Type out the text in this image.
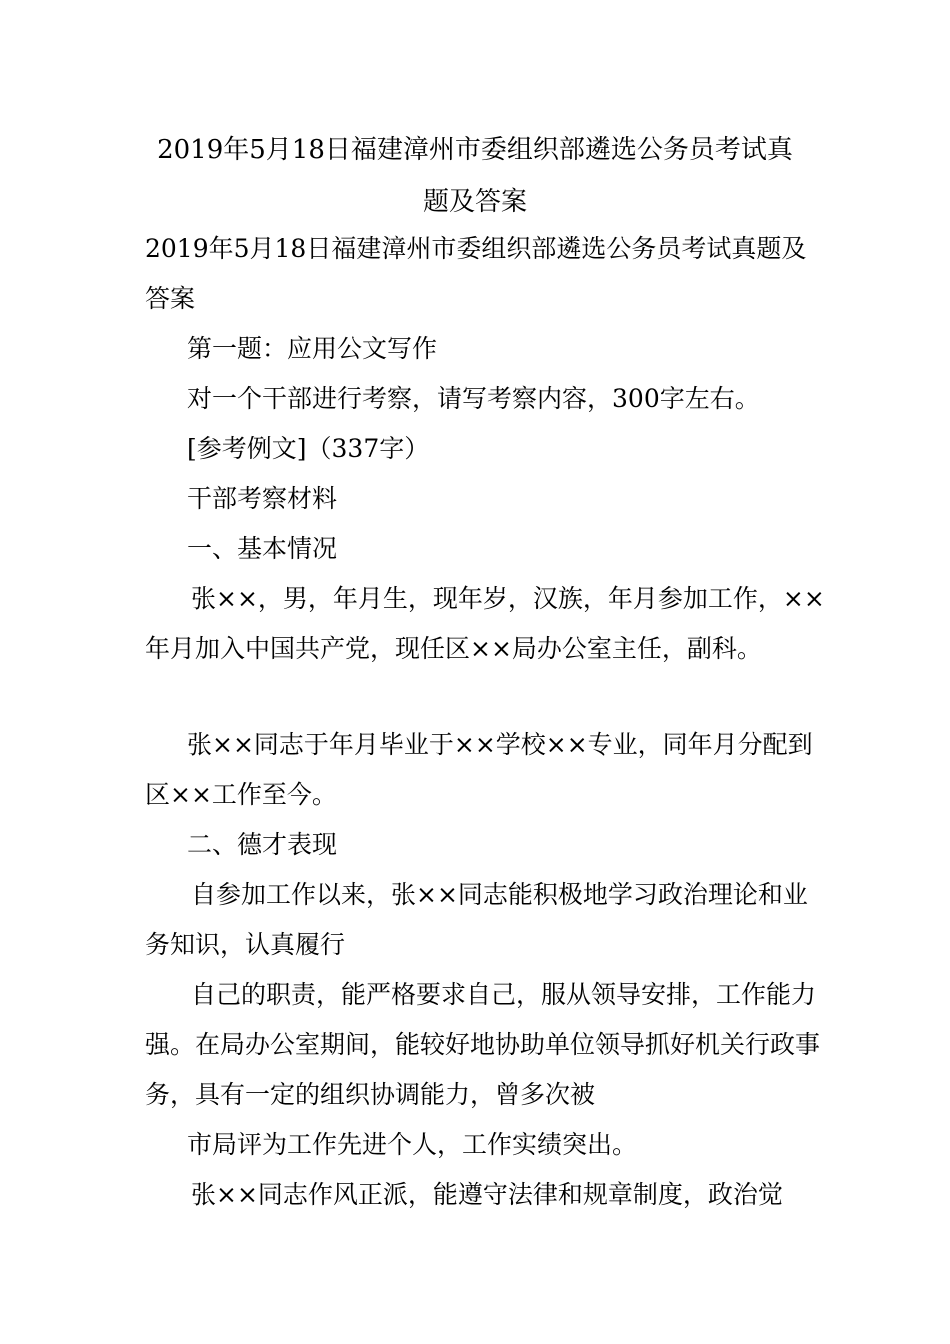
2019年5月18日福建漳州市委组织部遴选公务员考试真
题及答案

2019年5月18日福建漳州市委组织部遴选公务员考试真题及答案

第一题：应用公文写作

对一个干部进行考察，请写考察内容，300字左右。

[参考例文]（337字）

干部考察材料

一、基本情况

张××，男，年月生，现年岁，汉族，年月参加工作，××年月加入中国共产党，现任区××局办公室主任，副科。

张××同志于年月毕业于××学校××专业，同年月分配到区××工作至今。

二、德才表现

自参加工作以来，张××同志能积极地学习政治理论和业务知识，认真履行

自己的职责，能严格要求自己，服从领导安排，工作能力强。在局办公室期间，能较好地协助单位领导抓好机关行政事务，具有一定的组织协调能力，曾多次被

市局评为工作先进个人，工作实绩突出。

张××同志作风正派，能遵守法律和规章制度，政治觉
